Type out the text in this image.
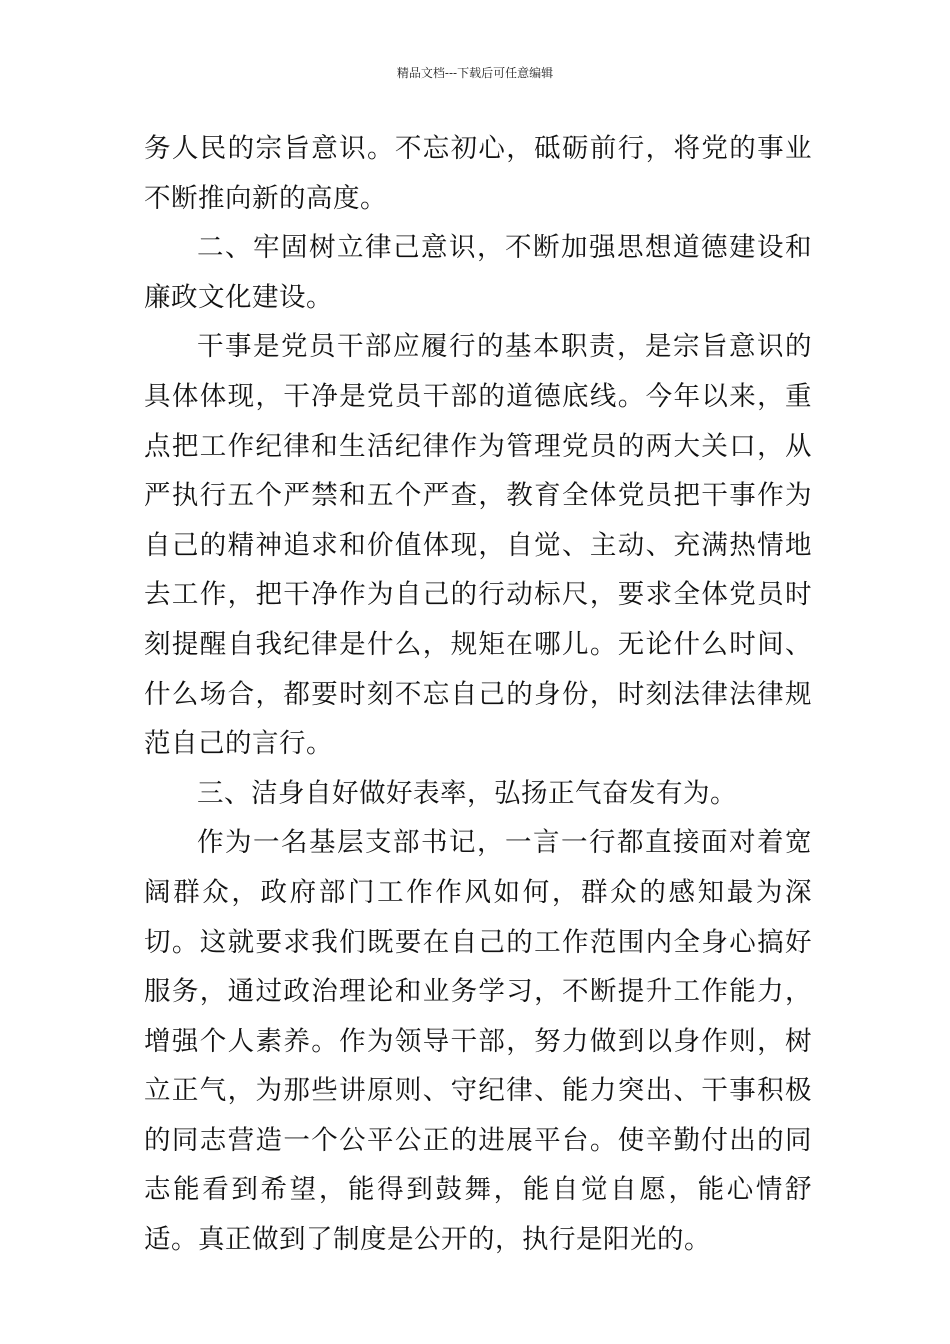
精品文档---下载后可任意编辑

务人民的宗旨意识。不忘初心，砥砺前行，将党的事业不断推向新的高度。

二、牢固树立律己意识，不断加强思想道德建设和廉政文化建设。

干事是党员干部应履行的基本职责，是宗旨意识的具体体现，干净是党员干部的道德底线。今年以来，重点把工作纪律和生活纪律作为管理党员的两大关口，从严执行五个严禁和五个严查，教育全体党员把干事作为自己的精神追求和价值体现，自觉、主动、充满热情地去工作，把干净作为自己的行动标尺，要求全体党员时刻提醒自我纪律是什么，规矩在哪儿。无论什么时间、什么场合，都要时刻不忘自己的身份，时刻法律法律规范自己的言行。

三、洁身自好做好表率，弘扬正气奋发有为。

作为一名基层支部书记，一言一行都直接面对着宽阔群众，政府部门工作作风如何，群众的感知最为深切。这就要求我们既要在自己的工作范围内全身心搞好服务，通过政治理论和业务学习，不断提升工作能力，增强个人素养。作为领导干部，努力做到以身作则，树立正气，为那些讲原则、守纪律、能力突出、干事积极的同志营造一个公平公正的进展平台。使辛勤付出的同志能看到希望，能得到鼓舞，能自觉自愿，能心情舒适。真正做到了制度是公开的，执行是阳光的。
